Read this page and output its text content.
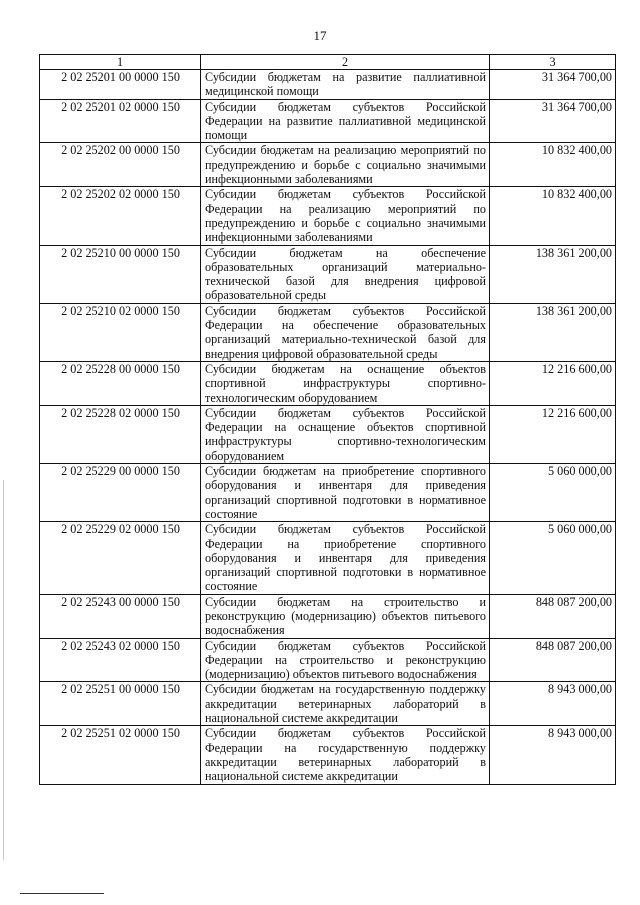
17
1	2	3
2 02 25201 00 0000 150	Субсидии бюджетам на развитие паллиативной медицинской помощи	31 364 700,00
2 02 25201 02 0000 150	Субсидии бюджетам субъектов Российской Федерации на развитие паллиативной медицинской помощи	31 364 700,00
2 02 25202 00 0000 150	Субсидии бюджетам на реализацию мероприятий по предупреждению и борьбе с социально значимыми инфекционными заболеваниями	10 832 400,00
2 02 25202 02 0000 150	Субсидии бюджетам субъектов Российской Федерации на реализацию мероприятий по предупреждению и борьбе с социально значимыми инфекционными заболеваниями	10 832 400,00
2 02 25210 00 0000 150	Субсидии бюджетам на обеспечение образовательных организаций материально-технической базой для внедрения цифровой образовательной среды	138 361 200,00
2 02 25210 02 0000 150	Субсидии бюджетам субъектов Российской Федерации на обеспечение образовательных организаций материально-технической базой для внедрения цифровой образовательной среды	138 361 200,00
2 02 25228 00 0000 150	Субсидии бюджетам на оснащение объектов спортивной инфраструктуры спортивно-технологическим оборудованием	12 216 600,00
2 02 25228 02 0000 150	Субсидии бюджетам субъектов Российской Федерации на оснащение объектов спортивной инфраструктуры спортивно-технологическим оборудованием	12 216 600,00
2 02 25229 00 0000 150	Субсидии бюджетам на приобретение спортивного оборудования и инвентаря для приведения организаций спортивной подготовки в нормативное состояние	5 060 000,00
2 02 25229 02 0000 150	Субсидии бюджетам субъектов Российской Федерации на приобретение спортивного оборудования и инвентаря для приведения организаций спортивной подготовки в нормативное состояние	5 060 000,00
2 02 25243 00 0000 150	Субсидии бюджетам на строительство и реконструкцию (модернизацию) объектов питьевого водоснабжения	848 087 200,00
2 02 25243 02 0000 150	Субсидии бюджетам субъектов Российской Федерации на строительство и реконструкцию (модернизацию) объектов питьевого водоснабжения	848 087 200,00
2 02 25251 00 0000 150	Субсидии бюджетам на государственную поддержку аккредитации ветеринарных лабораторий в национальной системе аккредитации	8 943 000,00
2 02 25251 02 0000 150	Субсидии бюджетам субъектов Российской Федерации на государственную поддержку аккредитации ветеринарных лабораторий в национальной системе аккредитации	8 943 000,00
